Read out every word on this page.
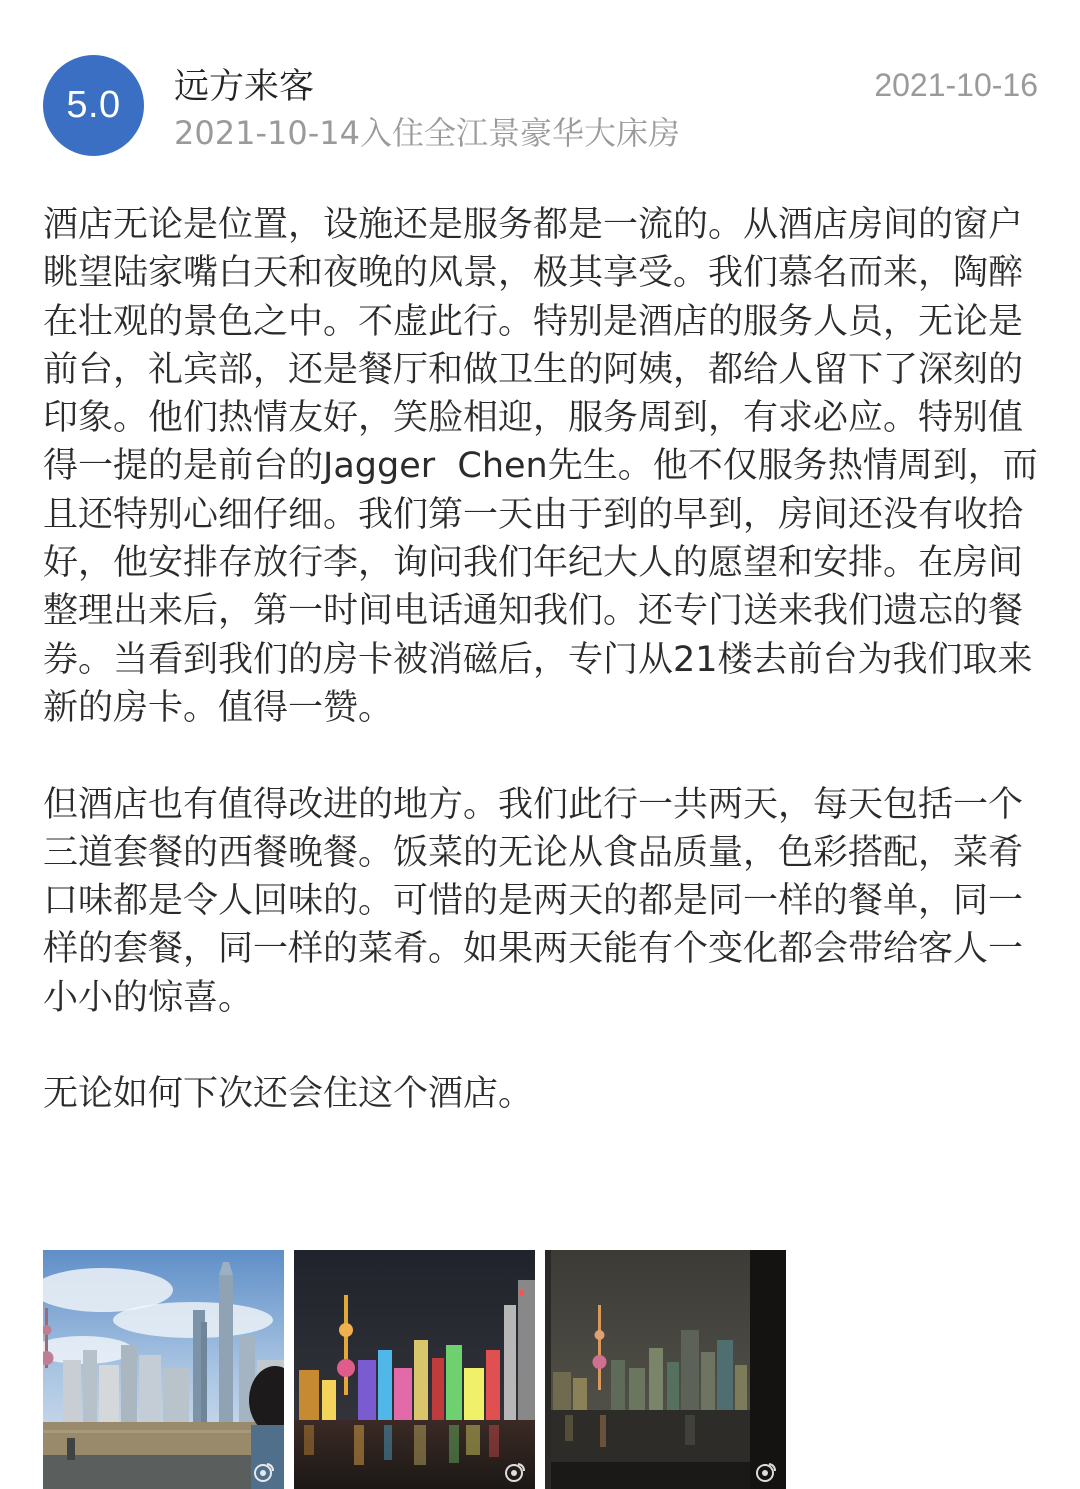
5.0	远方来客
2021-10-14入住全江景豪华大床房
2021-10-16

酒店无论是位置，设施还是服务都是一流的。从酒店房间的窗户眺望陆家嘴白天和夜晚的风景，极其享受。我们慕名而来，陶醉在壮观的景色之中。不虚此行。特别是酒店的服务人员，无论是前台，礼宾部，还是餐厅和做卫生的阿姨，都给人留下了深刻的印象。他们热情友好，笑脸相迎，服务周到，有求必应。特别值得一提的是前台的Jagger  Chen先生。他不仅服务热情周到，而且还特别心细仔细。我们第一天由于到的早到，房间还没有收拾好，他安排存放行李，询问我们年纪大人的愿望和安排。在房间整理出来后，第一时间电话通知我们。还专门送来我们遗忘的餐券。当看到我们的房卡被消磁后，专门从21楼去前台为我们取来新的房卡。值得一赞。

但酒店也有值得改进的地方。我们此行一共两天，每天包括一个三道套餐的西餐晚餐。饭菜的无论从食品质量，色彩搭配，菜肴口味都是令人回味的。可惜的是两天的都是同一样的餐单，同一样的套餐，同一样的菜肴。如果两天能有个变化都会带给客人一小小的惊喜。

无论如何下次还会住这个酒店。
